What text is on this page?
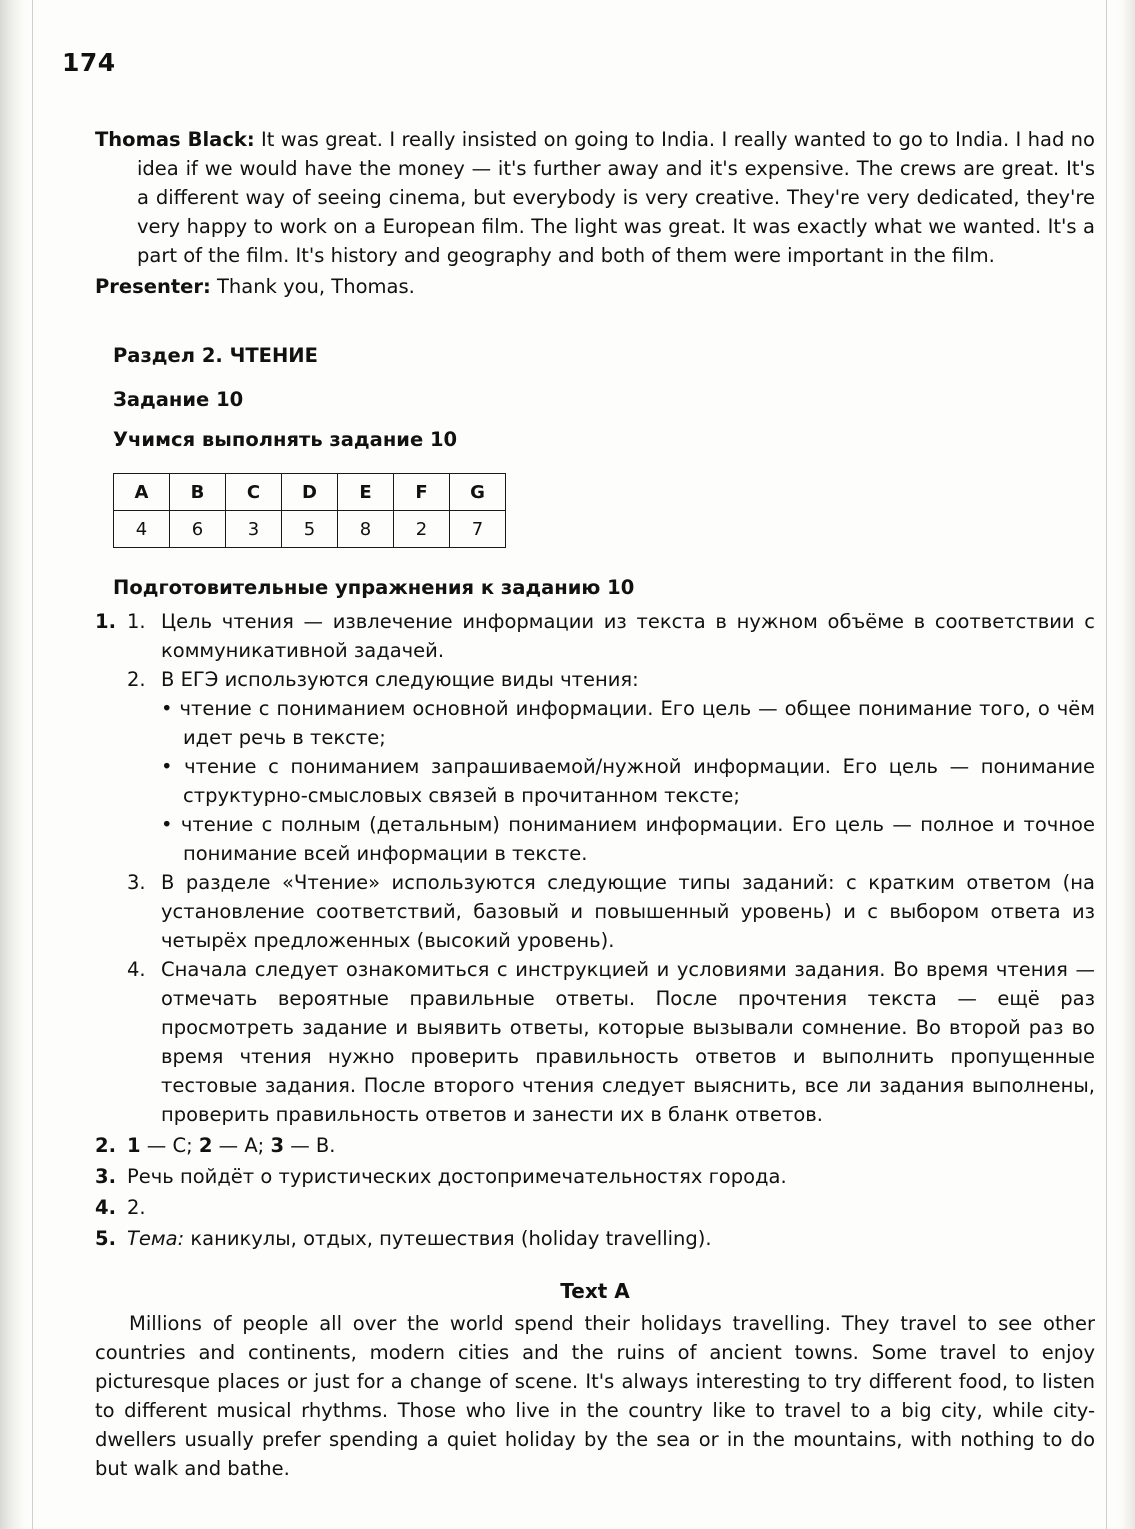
174

Thomas Black: It was great. I really insisted on going to India. I really wanted to go to India. I had no idea if we would have the money — it's further away and it's expensive. The crews are great. It's a different way of seeing cinema, but everybody is very creative. They're very dedicated, they're very happy to work on a European film. The light was great. It was exactly what we wanted. It's a part of the film. It's history and geography and both of them were important in the film.

Presenter: Thank you, Thomas.

Раздел 2. ЧТЕНИЕ
Задание 10
Учимся выполнять задание 10
A	B	C	D	E	F	G
4	6	3	5	8	2	7
Подготовительные упражнения к заданию 10
1. 1. Цель чтения — извлечение информации из текста в нужном объёме в соответствии с коммуникативной задачей.
2. В ЕГЭ используются следующие виды чтения:
• чтение с пониманием основной информации. Его цель — общее понимание того, о чём идет речь в тексте;
• чтение с пониманием запрашиваемой/нужной информации. Его цель — понимание структурно-смысловых связей в прочитанном тексте;
• чтение с полным (детальным) пониманием информации. Его цель — полное и точное понимание всей информации в тексте.
3. В разделе «Чтение» используются следующие типы заданий: с кратким ответом (на установление соответствий, базовый и повышенный уровень) и с выбором ответа из четырёх предложенных (высокий уровень).
4. Сначала следует ознакомиться с инструкцией и условиями задания. Во время чтения — отмечать вероятные правильные ответы. После прочтения текста — ещё раз просмотреть задание и выявить ответы, которые вызывали сомнение. Во второй раз во время чтения нужно проверить правильность ответов и выполнить пропущенные тестовые задания. После второго чтения следует выяснить, все ли задания выполнены, проверить правильность ответов и занести их в бланк ответов.
2. 1 — C; 2 — A; 3 — B.
3. Речь пойдёт о туристических достопримечательностях города.
4. 2.
5. Тема: каникулы, отдых, путешествия (holiday travelling).
Text A
Millions of people all over the world spend their holidays travelling. They travel to see other countries and continents, modern cities and the ruins of ancient towns. Some travel to enjoy picturesque places or just for a change of scene. It's always interesting to try different food, to listen to different musical rhythms. Those who live in the country like to travel to a big city, while city-dwellers usually prefer spending a quiet holiday by the sea or in the mountains, with nothing to do but walk and bathe.
